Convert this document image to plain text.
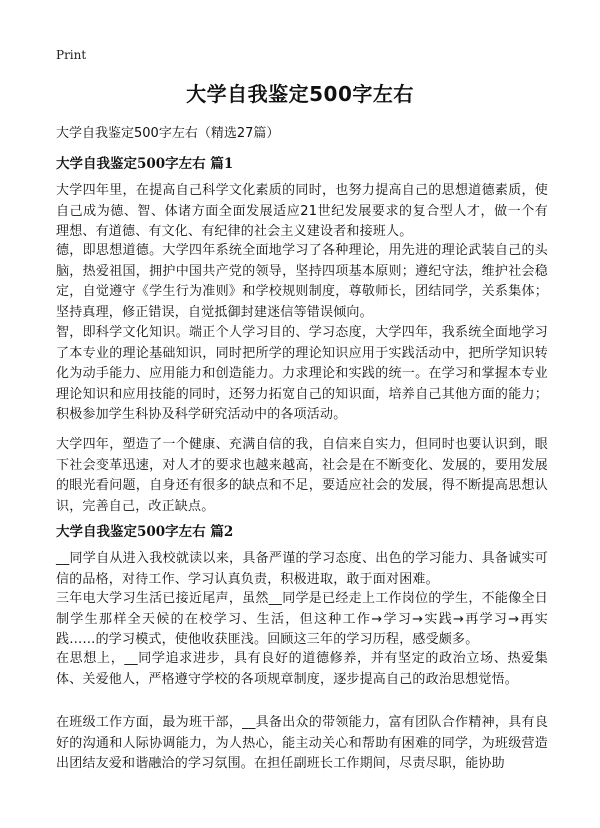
Print
大学自我鉴定500字左右
大学自我鉴定500字左右（精选27篇）
大学自我鉴定500字左右 篇1

大学四年里，在提高自己科学文化素质的同时，也努力提高自己的思想道德素质，使自己成为德、智、体诸方面全面发展适应21世纪发展要求的复合型人才，做一个有理想、有道德、有文化、有纪律的社会主义建设者和接班人。

德，即思想道德。大学四年系统全面地学习了各种理论，用先进的理论武装自己的头脑，热爱祖国，拥护中国共产党的领导，坚持四项基本原则；遵纪守法，维护社会稳定，自觉遵守《学生行为准则》和学校规则制度，尊敬师长，团结同学，关系集体；坚持真理，修正错误，自觉抵御封建迷信等错误倾向。

智，即科学文化知识。端正个人学习目的、学习态度，大学四年，我系统全面地学习了本专业的理论基础知识，同时把所学的理论知识应用于实践活动中，把所学知识转化为动手能力、应用能力和创造能力。力求理论和实践的统一。在学习和掌握本专业理论知识和应用技能的同时，还努力拓宽自己的知识面，培养自己其他方面的能力；积极参加学生科协及科学研究活动中的各项活动。

大学四年，塑造了一个健康、充满自信的我，自信来自实力，但同时也要认识到，眼下社会变革迅速，对人才的要求也越来越高，社会是在不断变化、发展的，要用发展的眼光看问题，自身还有很多的缺点和不足，要适应社会的发展，得不断提高思想认识，完善自己，改正缺点。

大学自我鉴定500字左右 篇2

__同学自从进入我校就读以来，具备严谨的学习态度、出色的学习能力、具备诚实可信的品格，对待工作、学习认真负责，积极进取，敢于面对困难。

三年电大学习生活已接近尾声，虽然__同学是已经走上工作岗位的学生，不能像全日制学生那样全天候的在校学习、生活，但这种工作→学习→实践→再学习→再实践……的学习模式，使他收获匪浅。回顾这三年的学习历程，感受颇多。

在思想上，__同学追求进步，具有良好的道德修养，并有坚定的政治立场、热爱集体、关爱他人，严格遵守学校的各项规章制度，逐步提高自己的政治思想觉悟。

在班级工作方面，最为班干部，__具备出众的带领能力，富有团队合作精神，具有良好的沟通和人际协调能力，为人热心，能主动关心和帮助有困难的同学，为班级营造出团结友爱和谐融洽的学习氛围。在担任副班长工作期间，尽责尽职，能协助
